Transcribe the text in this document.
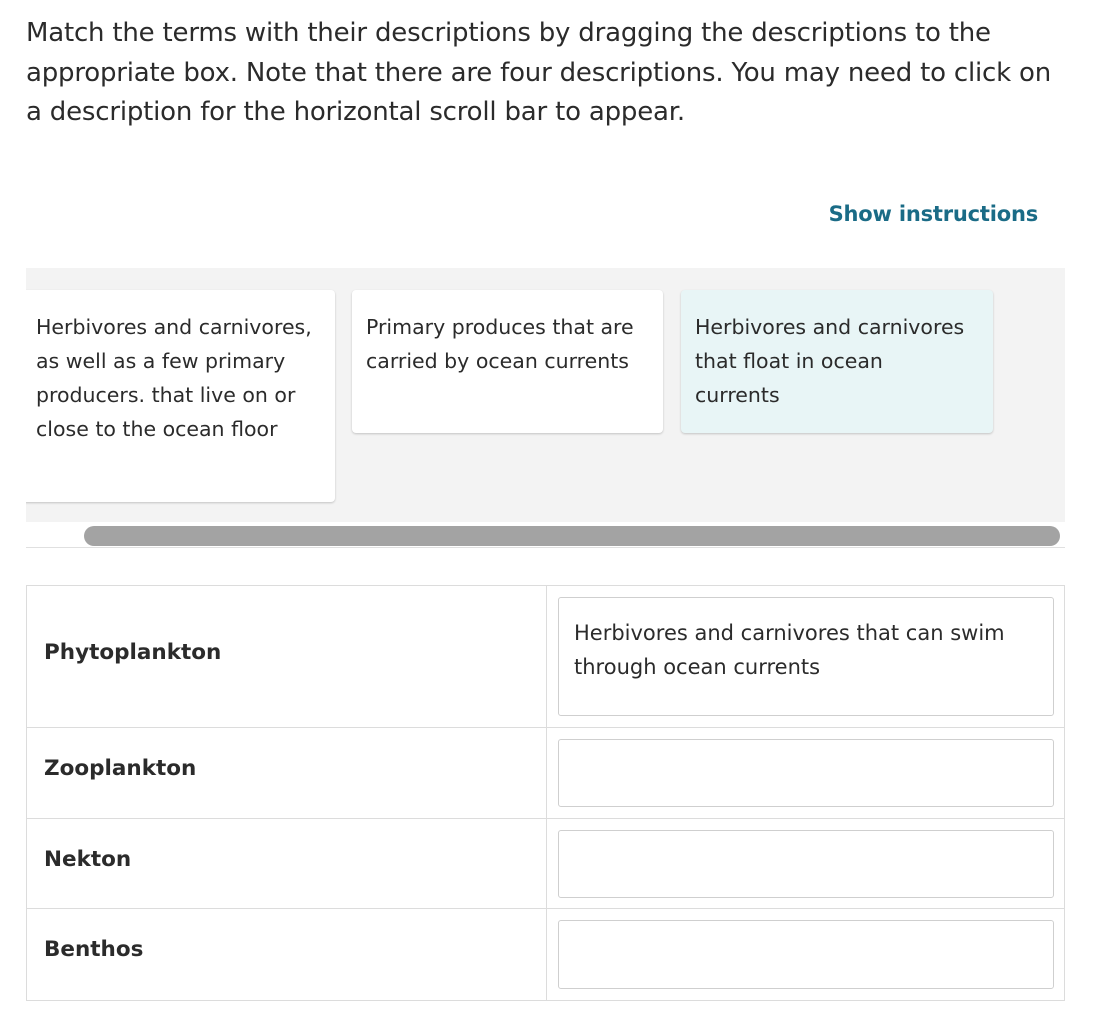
Match the terms with their descriptions by dragging the descriptions to the appropriate box. Note that there are four descriptions. You may need to click on a description for the horizontal scroll bar to appear.

Show instructions
Herbivores and carnivores, as well as a few primary producers. that live on or close to the ocean floor
Primary produces that are carried by ocean currents
Herbivores and carnivores that float in ocean currents
Phytoplankton
Herbivores and carnivores that can swim through ocean currents
Zooplankton
Nekton
Benthos
